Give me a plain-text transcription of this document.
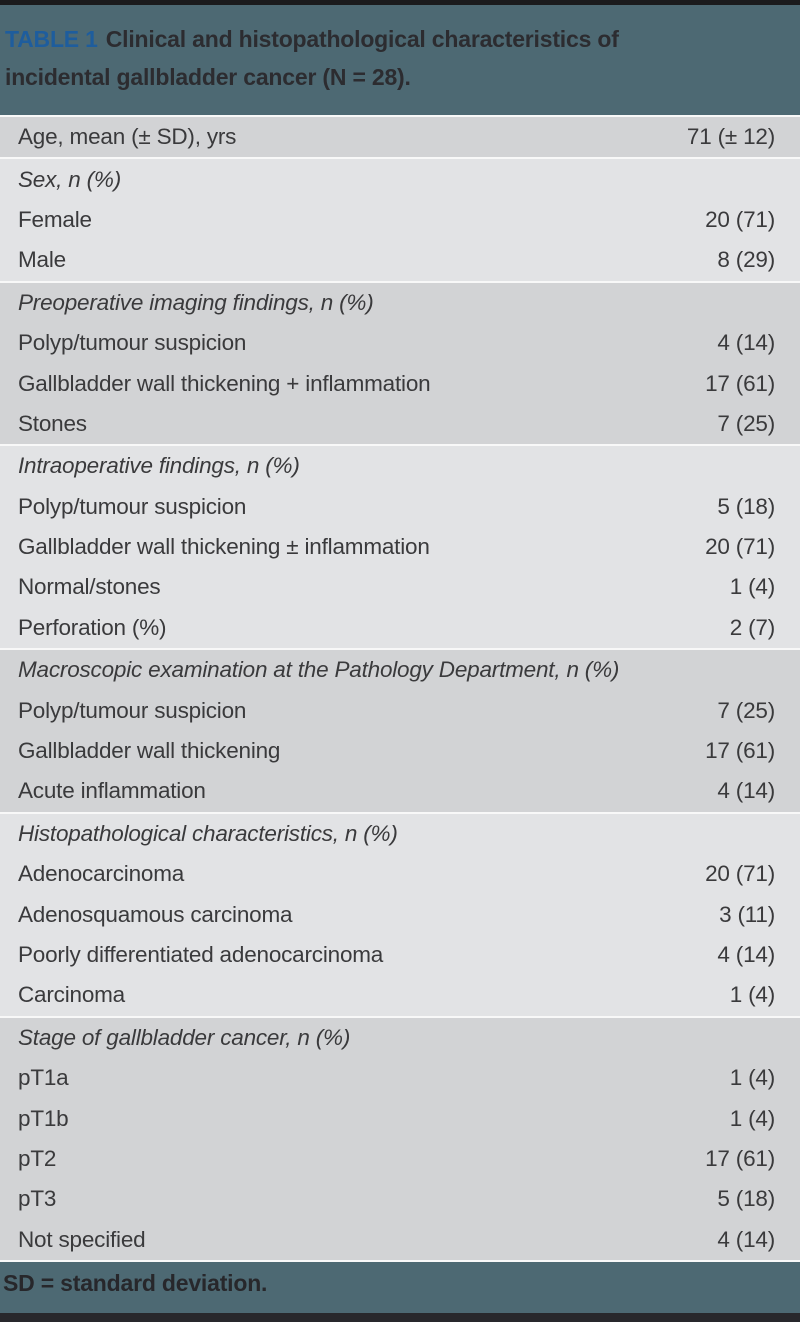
TABLE 1 Clinical and histopathological characteristics of
incidental gallbladder cancer (N = 28).
Age, mean (± SD), yrs	71 (± 12)
Sex, n (%)
Female	20 (71)
Male	8 (29)
Preoperative imaging findings, n (%)
Polyp/tumour suspicion	4 (14)
Gallbladder wall thickening + inflammation	17 (61)
Stones	7 (25)
Intraoperative findings, n (%)
Polyp/tumour suspicion	5 (18)
Gallbladder wall thickening ± inflammation	20 (71)
Normal/stones	1 (4)
Perforation (%)	2 (7)
Macroscopic examination at the Pathology Department, n (%)
Polyp/tumour suspicion	7 (25)
Gallbladder wall thickening	17 (61)
Acute inflammation	4 (14)
Histopathological characteristics, n (%)
Adenocarcinoma	20 (71)
Adenosquamous carcinoma	3 (11)
Poorly differentiated adenocarcinoma	4 (14)
Carcinoma	1 (4)
Stage of gallbladder cancer, n (%)
pT1a	1 (4)
pT1b	1 (4)
pT2	17 (61)
pT3	5 (18)
Not specified	4 (14)
SD = standard deviation.
